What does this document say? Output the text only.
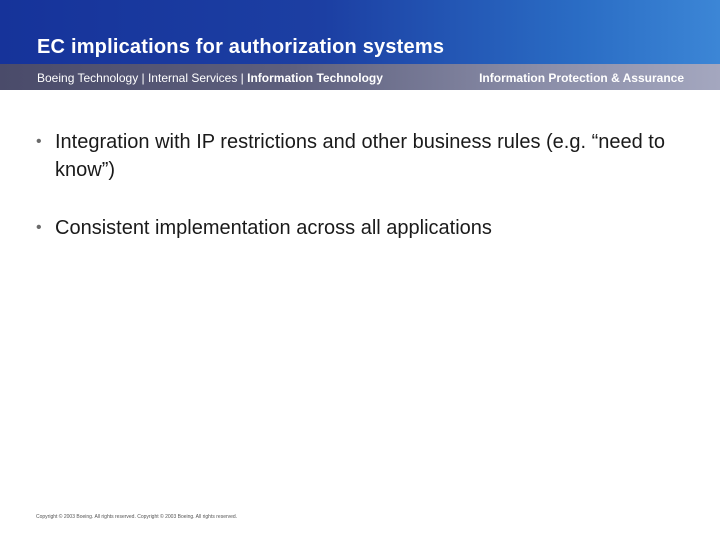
EC implications for authorization systems
Boeing Technology | Internal Services | Information Technology	Information Protection & Assurance
• Integration with IP restrictions and other business rules (e.g. “need to know”)
• Consistent implementation across all applications
Copyright © 2003 Boeing. All rights reserved. Copyright © 2003 Boeing. All rights reserved.
